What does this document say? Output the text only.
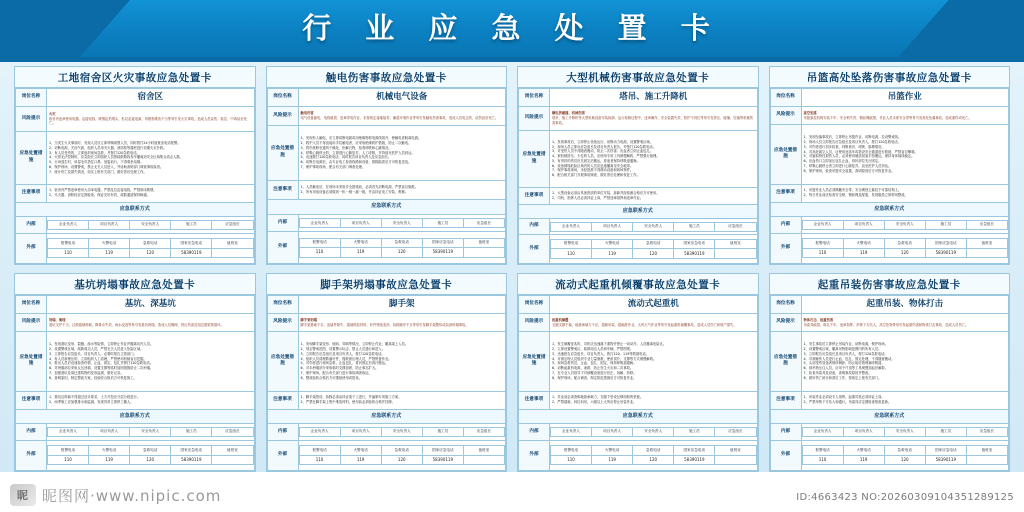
行 业 应 急 处 置 卡
工地宿舍区火灾事故应急处置卡
岗位名称	宿舍区
风险提示	火灾
宿舍内违章使用电器、乱接电线、吸烟乱扔烟头、私拉乱接电源、易燃物堆放不当等易引发火灾事故，造成人员烧伤、窒息、中毒甚至死亡。

应急处置措施	
1、当发生火灾事故时，发现人员应立即呼喊周围人员，同时拨打24小时值班室电话报警。
2、切断电源，关闭气源，组织人员用灭火器、消防栓等器材进行初期火灾扑救。
3、有人员受伤的，立即组织现场急救，并拨打120急救电话。
4、火势无法控制时，应急组长立即组织人员按疏散路线有序撤离到安全区域集合清点人数。
5、火场逃生时，用湿毛巾捂住口鼻，低姿前行，不得乘坐电梯。
6、保护现场，设置警戒，禁止无关人员进入，并协助消防部门调查事故原因。
7、统计伤亡及损失情况，如实上报有关部门，做好善后处理工作。

注意事项	1、宿舍内严禁违章使用大功率电器，严禁乱拉乱接电线，严禁卧床吸烟。
2、灭火器、消防栓应定期检查，保证完好有效，疏散通道保持畅通。

应急联系方式
内部		企业负责人	项目负责人	安全负责人	施工员	应急组长

外部	
报警电话	火警电话	急救电话	国家应急电话	值班室
110	119	120	58390119	
触电伤害事故应急处置卡
岗位名称	机械电气设备
风险提示	触电伤害
电气设备漏电、电线破损、违章带电作业、未按规定接地接零、潮湿环境作业等易引发触电伤害事故，造成人员电击伤、烧伤甚至死亡。

应急处置措施	
1、发现有人触电，应立即切断电源或用绝缘物将电源线挑开，使触电者脱离电源。
2、救护人员不得直接用手拉触电者，应采取绝缘防护措施，防止二次触电。
3、将伤者移至通风干燥处，松解衣物，检查呼吸和心跳情况。
4、呼吸心跳停止的，立即进行心肺复苏、人工呼吸，并持续至医护人员到达。
5、迅速拨打120急救电话，同时报告项目负责人及应急组长。
6、切断总电源后，由专业电工检查线路和设备，排除隐患后方可恢复送电。
7、保护事故现场，配合有关部门调查处理。

注意事项	1、人员触电后，在现场未采取安全措施前，必须首先切断电源，严禁盲目施救。
2、所有用电设备必须做到一机一闸一漏一箱，并由持证电工安装、维修。

应急联系方式
内部		企业负责人	项目负责人	安全负责人	施工员	应急组长

外部	
报警电话	火警电话	急救电话	国家应急电话	值班室
110	119	120	58390119	
大型机械伤害事故应急处置卡
岗位名称	塔吊、施工升降机
风险提示	辗轧挤碰撞、机械伤害
塔吊、施工升降机等大型机械设备安装拆卸、运行检修过程中，违章操作、安全装置失效、防护不到位等易引发挤压、碰撞、坠落等机械伤害事故。

应急处置措施	
1、发现事故后，立即停止设备运行，切断动力电源，设置警戒区域。
2、现场人员立即向应急组长及项目负责人报告，并拨打120急救电话。
3、对受伤人员不得随意搬动，防止二次伤害；出血者立即止血包扎。
4、被机械挤压、卡住的人员，应使用专用工具缓慢解救，严禁强行拖拽。
5、有骨折的伤员应先固定后搬运，昏迷者保持呼吸道通畅。
6、设备倒塌危险区域内的人员应迅速撤离至安全地带。
7、保护事故现场，未经批准不得移动设备和现场物件。
8、配合相关部门开展事故调查，做好善后处理和恢复工作。

注意事项	1、大型设备必须由具备资质的单位安装、拆卸并经检测合格后方可使用。
2、司机、指挥人员必须持证上岗，严禁违章指挥和违章作业。

应急联系方式
内部		企业负责人	项目负责人	安全负责人	施工员	应急组长

外部	
报警电话	火警电话	急救电话	国家应急电话	值班室
110	119	120	58390119	
吊篮高处坠落伤害事故应急处置卡
岗位名称	吊篮作业
风险提示	高空坠落
吊篮悬挂机构安装不牢、安全锁失效、钢丝绳破损、作业人员未系安全带等易引发高处坠落事故，造成重伤或死亡。

应急处置措施	
1、发现坠落事故后，立即停止吊篮作业，切断电源，拉设警戒线。
2、现场人员立即报告应急组长及项目负责人，拨打120急救电话。
3、对伤者进行初步检查，判断意识、呼吸、脉搏情况。
4、对高处悬空人员，应使用登高车或搭设安全通道进行救援，严禁盲目攀爬。
5、对疑似脊柱损伤人员，必须使用硬质担架平抬搬运，保持身体轴线稳定。
6、出血伤口立即加压包扎止血，骨折部位先行固定。
7、呼吸心跳停止者立即进行心肺复苏，直至医护人员到达。
8、保护现场，检查吊篮安全装置，查明原因后方可恢复作业。

注意事项	1、吊篮作业人员必须佩戴安全带，安全绳独立悬挂于可靠结构上。
2、每日作业前应检查安全锁、钢丝绳及配重，发现隐患立即停用整改。

应急联系方式
内部		企业负责人	项目负责人	安全负责人	施工员	应急组长

外部	
报警电话	火警电话	急救电话	国家应急电话	值班室
110	119	120	58390119	
基坑坍塌事故应急处置卡
岗位名称	基坑、深基坑
风险提示	坍塌、淹埋
基坑支护不当、边坡超载堆载、降排水失效、雨水浸泡等易引发基坑坍塌，造成人员掩埋、挤压伤害及周边建筑物损坏。

应急处置措施	
1、发现基坑变形、裂缝、渗水等险情，立即停止作业并撤离坑内人员。
2、设置警戒区域，疏散周边人员，严禁无关人员进入危险区域。
3、立即报告应急组长、项目负责人，必要时报告主管部门。
4、有人员被埋压的，立即组织人工清理，严禁使用机械盲目挖掘。
5、救出人员后迅速检查伤情，止血、固定、包扎并拨打120急救电话。
6、对坍塌部位采取反压回填、设置支撑等临时加固措施防止二次坍塌。
7、加强基坑及周边建筑物的变形监测，做好记录。
8、查明原因，制定整改方案，经验收合格后方可恢复施工。

注意事项	1、基坑边堆载不得超过设计要求，土方开挖应分层分段进行。
2、雨季施工应加强排水和监测，发现异常立即停工撤人。

应急联系方式
内部		企业负责人	项目负责人	安全负责人	施工员	应急组长

外部	
报警电话	火警电话	急救电话	国家应急电话	值班室
110	119	120	58390119	
脚手架坍塌事故应急处置卡
岗位名称	脚手架
风险提示	脚手架坍塌
脚手架基础不实、连墙件缺失、超载堆放材料、杆件锈蚀变形、拆除顺序不当等易引发脚手架整体或局部坍塌事故。

应急处置措施	
1、发现脚手架变形、倾斜、异响等情况，立即停止作业，撤离架上人员。
2、划定警戒范围，设置警示标志，禁止人员通行和进入。
3、立即报告应急组长及项目负责人，拨打120急救电话。
4、组织人员清理散落杆件，搜救被压埋人员，严禁野蛮作业。
5、对伤者进行现场急救，止血包扎、骨折固定后再行搬运。
6、对未坍塌部分采取临时支撑加固，防止事态扩大。
7、保护现场，配合有关部门进行事故调查取证。
8、整改验收合格后方可继续使用或搭设。

注意事项	1、脚手架搭设、拆除必须由持证架子工进行，并编制专项施工方案。
2、严禁在脚手架上集中堆放材料，使用前必须验收合格并挂牌。

应急联系方式
内部		企业负责人	项目负责人	安全负责人	施工员	应急组长

外部	
报警电话	火警电话	急救电话	国家应急电话	值班室
110	119	120	58390119	
流动式起重机倾覆事故应急处置卡
岗位名称	流动式起重机
风险提示	起重机倾覆
支腿支撑不稳、地基承载力不足、超载吊装、超幅度作业、大风天气作业等易引发起重机倾覆事故，造成人员伤亡和财产损失。

应急处置措施	
1、发生倾覆征兆时，司机应迅速落下重物并停止一切动作，人员撤离危险区。
2、立即设置警戒区，疏散周边人员和车辆，严禁围观。
3、迅速报告应急组长、项目负责人，拨打120、119等救援电话。
4、对被压埋人员组织专业力量施救，使用顶升、支撑等方式缓慢解救。
5、现场急救伤员，止血、包扎、固定，保持呼吸道通畅。
6、切断起重机电源、油路，防止发生火灾和二次事故。
7、在专业人员指导下对倾覆设备进行扶正、拆解、转移。
8、保护现场，配合调查，制定防范措施后方可恢复作业。

注意事项	1、作业前必须查明地基承载力，支腿下垫设足够面积的垫板。
2、严禁超载、斜拉斜吊，六级以上大风应停止吊装作业。

应急联系方式
内部		企业负责人	项目负责人	安全负责人	施工员	应急组长

外部	
报警电话	火警电话	急救电话	国家应急电话	值班室
110	119	120	58390119	
起重吊装伤害事故应急处置卡
岗位名称	起重吊装、物体打击
风险提示	物体打击、起重伤害
吊索具破损、绑扎不牢、违章指挥、吊物下方站人、高空坠物等易引发起重伤害和物体打击事故，造成人员伤亡。

应急处置措施	
1、发生事故后立即停止吊装作业，切断电源，保护现场。
2、设置警戒区域，撤离吊物影响范围内的所有人员。
3、立即报告应急组长及项目负责人，拨打120急救电话。
4、对被砸伤人员进行止血、包扎、固定处理，不得随意搬动。
5、头部受伤昏迷者保持侧卧，防止呕吐物堵塞呼吸道。
6、被吊物压住人员，应用千斤顶等工具缓慢顶起后解救。
7、检查吊索具及设备，查明事故原因并整改。
8、做好伤亡统计和善后工作，按规定上报有关部门。

注意事项	1、吊装作业必须设专人指挥，起重司机必须持证上岗。
2、严禁吊物下方站人和通行，吊索具应定期检查报废更新。

应急联系方式
内部		企业负责人	项目负责人	安全负责人	施工员	应急组长

外部	
报警电话	火警电话	急救电话	国家应急电话	值班室
110	119	120	58390119	
昵 昵图网·www.nipic.com	ID:4663423 NO:20260309104351289125
